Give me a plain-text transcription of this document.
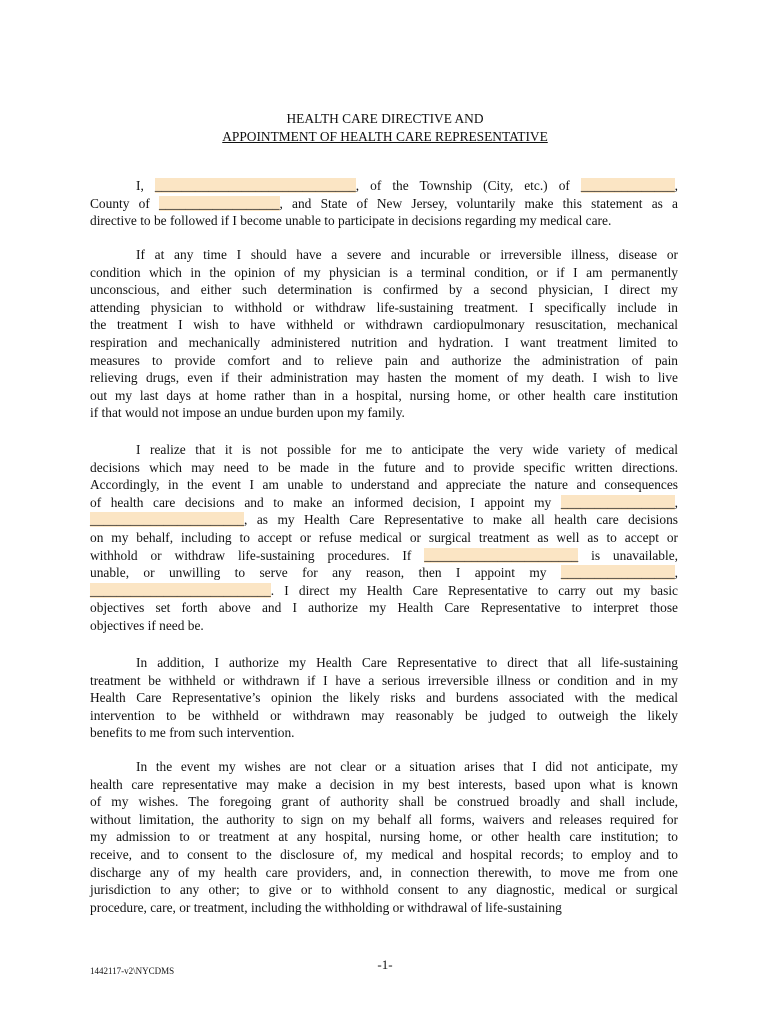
HEALTH CARE DIRECTIVE AND
APPOINTMENT OF HEALTH CARE REPRESENTATIVE
I, ______________________________, of the Township (City, etc.) of ______________,
County of __________________, and State of New Jersey, voluntarily make this statement as a
directive to be followed if I become unable to participate in decisions regarding my medical care.
If at any time I should have a severe and incurable or irreversible illness, disease or
condition which in the opinion of my physician is a terminal condition, or if I am permanently
unconscious, and either such determination is confirmed by a second physician, I direct my
attending physician to withhold or withdraw life-sustaining treatment. I specifically include in
the treatment I wish to have withheld or withdrawn cardiopulmonary resuscitation, mechanical
respiration and mechanically administered nutrition and hydration. I want treatment limited to
measures to provide comfort and to relieve pain and authorize the administration of pain
relieving drugs, even if their administration may hasten the moment of my death. I wish to live
out my last days at home rather than in a hospital, nursing home, or other health care institution
if that would not impose an undue burden upon my family.
I realize that it is not possible for me to anticipate the very wide variety of medical
decisions which may need to be made in the future and to provide specific written directions.
Accordingly, in the event I am unable to understand and appreciate the nature and consequences
of health care decisions and to make an informed decision, I appoint my _________________,
_______________________, as my Health Care Representative to make all health care decisions
on my behalf, including to accept or refuse medical or surgical treatment as well as to accept or
withhold or withdraw life-sustaining procedures. If _______________________ is unavailable,
unable, or unwilling to serve for any reason, then I appoint my _________________,
___________________________. I direct my Health Care Representative to carry out my basic
objectives set forth above and I authorize my Health Care Representative to interpret those
objectives if need be.
In addition, I authorize my Health Care Representative to direct that all life-sustaining
treatment be withheld or withdrawn if I have a serious irreversible illness or condition and in my
Health Care Representative’s opinion the likely risks and burdens associated with the medical
intervention to be withheld or withdrawn may reasonably be judged to outweigh the likely
benefits to me from such intervention.
In the event my wishes are not clear or a situation arises that I did not anticipate, my
health care representative may make a decision in my best interests, based upon what is known
of my wishes. The foregoing grant of authority shall be construed broadly and shall include,
without limitation, the authority to sign on my behalf all forms, waivers and releases required for
my admission to or treatment at any hospital, nursing home, or other health care institution; to
receive, and to consent to the disclosure of, my medical and hospital records; to employ and to
discharge any of my health care providers, and, in connection therewith, to move me from one
jurisdiction to any other; to give or to withhold consent to any diagnostic, medical or surgical
procedure, care, or treatment, including the withholding or withdrawal of life-sustaining
-1-
1442117-v2\NYCDMS
